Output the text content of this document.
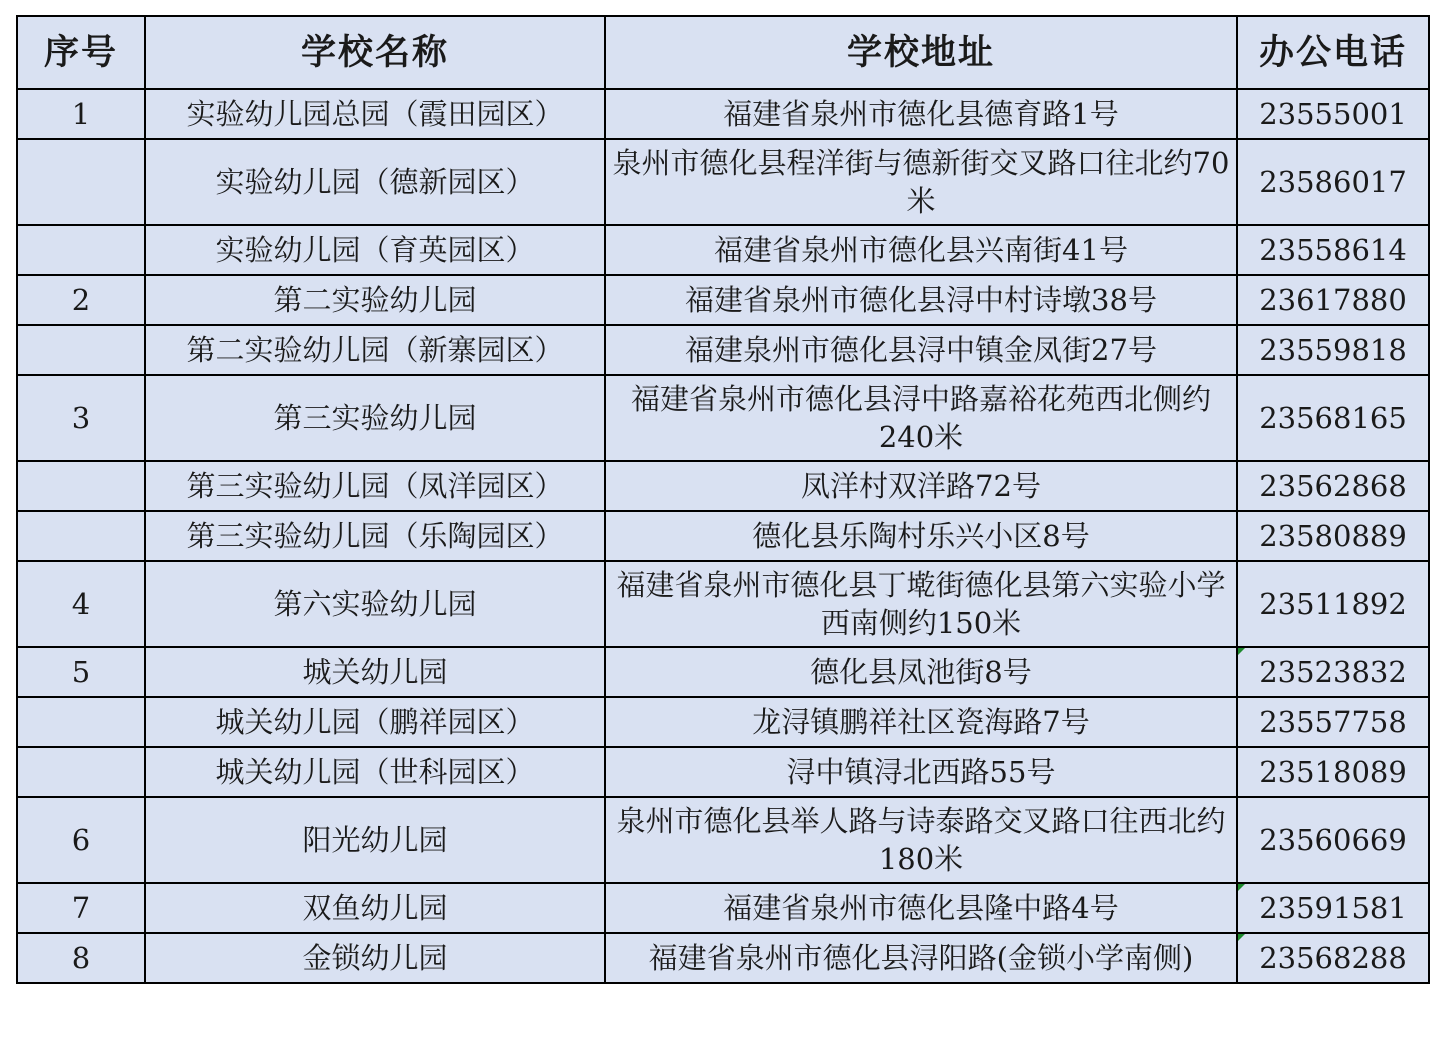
序号	学校名称	学校地址	办公电话
1	实验幼儿园总园（霞田园区）	福建省泉州市德化县德育路1号	23555001
	实验幼儿园（德新园区）	泉州市德化县程洋街与德新街交叉路口往北约70米	23586017
	实验幼儿园（育英园区）	福建省泉州市德化县兴南街41号	23558614
2	第二实验幼儿园	福建省泉州市德化县浔中村诗墩38号	23617880
	第二实验幼儿园（新寨园区）	福建泉州市德化县浔中镇金凤街27号	23559818
3	第三实验幼儿园	福建省泉州市德化县浔中路嘉裕花苑西北侧约240米	23568165
	第三实验幼儿园（凤洋园区）	凤洋村双洋路72号	23562868
	第三实验幼儿园（乐陶园区）	德化县乐陶村乐兴小区8号	23580889
4	第六实验幼儿园	福建省泉州市德化县丁墘街德化县第六实验小学西南侧约150米	23511892
5	城关幼儿园	德化县凤池街8号	23523832
	城关幼儿园（鹏祥园区）	龙浔镇鹏祥社区瓷海路7号	23557758
	城关幼儿园（世科园区）	浔中镇浔北西路55号	23518089
6	阳光幼儿园	泉州市德化县举人路与诗泰路交叉路口往西北约180米	23560669
7	双鱼幼儿园	福建省泉州市德化县隆中路4号	23591581
8	金锁幼儿园	福建省泉州市德化县浔阳路(金锁小学南侧)	23568288
